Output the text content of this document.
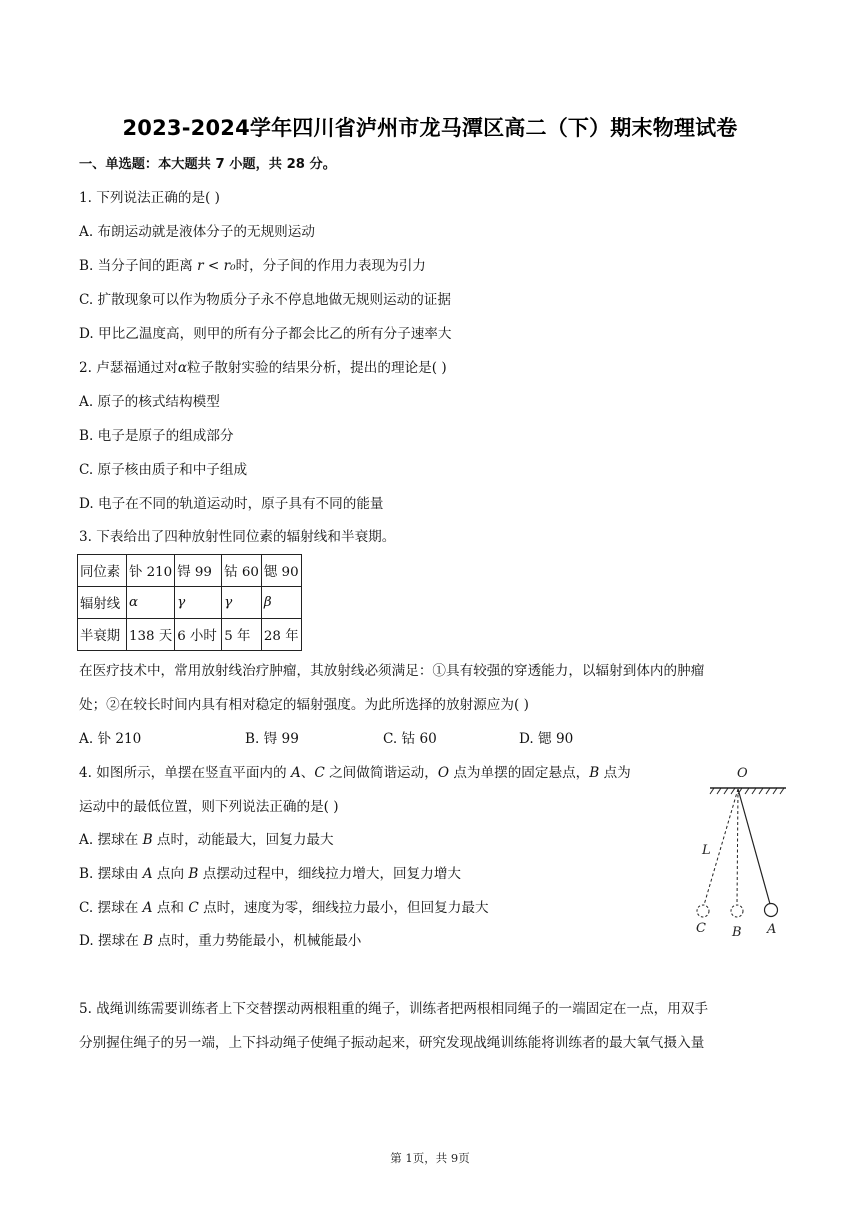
2023-2024学年四川省泸州市龙马潭区高二（下）期末物理试卷
一、单选题：本大题共 7 小题，共 28 分。
1. 下列说法正确的是( )
A. 布朗运动就是液体分子的无规则运动
B. 当分子间的距离 r < r₀时，分子间的作用力表现为引力
C. 扩散现象可以作为物质分子永不停息地做无规则运动的证据
D. 甲比乙温度高，则甲的所有分子都会比乙的所有分子速率大
2. 卢瑟福通过对α粒子散射实验的结果分析，提出的理论是( )
A. 原子的核式结构模型
B. 电子是原子的组成部分
C. 原子核由质子和中子组成
D. 电子在不同的轨道运动时，原子具有不同的能量
3. 下表给出了四种放射性同位素的辐射线和半衰期。
同位素	钋 210	锝 99	钴 60	锶 90
辐射线	α	γ	γ	β
半衰期	138 天	6 小时	5 年	28 年
在医疗技术中，常用放射线治疗肿瘤，其放射线必须满足：①具有较强的穿透能力，以辐射到体内的肿瘤
处；②在较长时间内具有相对稳定的辐射强度。为此所选择的放射源应为( )
A. 钋 210	B. 锝 99	C. 钴 60	D. 锶 90
4. 如图所示，单摆在竖直平面内的 A、C 之间做简谐运动，O 点为单摆的固定悬点，B 点为
运动中的最低位置，则下列说法正确的是( )
A. 摆球在 B 点时，动能最大，回复力最大
B. 摆球由 A 点向 B 点摆动过程中，细线拉力增大，回复力增大
C. 摆球在 A 点和 C 点时，速度为零，细线拉力最小，但回复力最大
D. 摆球在 B 点时，重力势能最小，机械能最小
O
L
C B A
5. 战绳训练需要训练者上下交替摆动两根粗重的绳子，训练者把两根相同绳子的一端固定在一点，用双手
分别握住绳子的另一端，上下抖动绳子使绳子振动起来，研究发现战绳训练能将训练者的最大氧气摄入量
第 1页，共 9页
